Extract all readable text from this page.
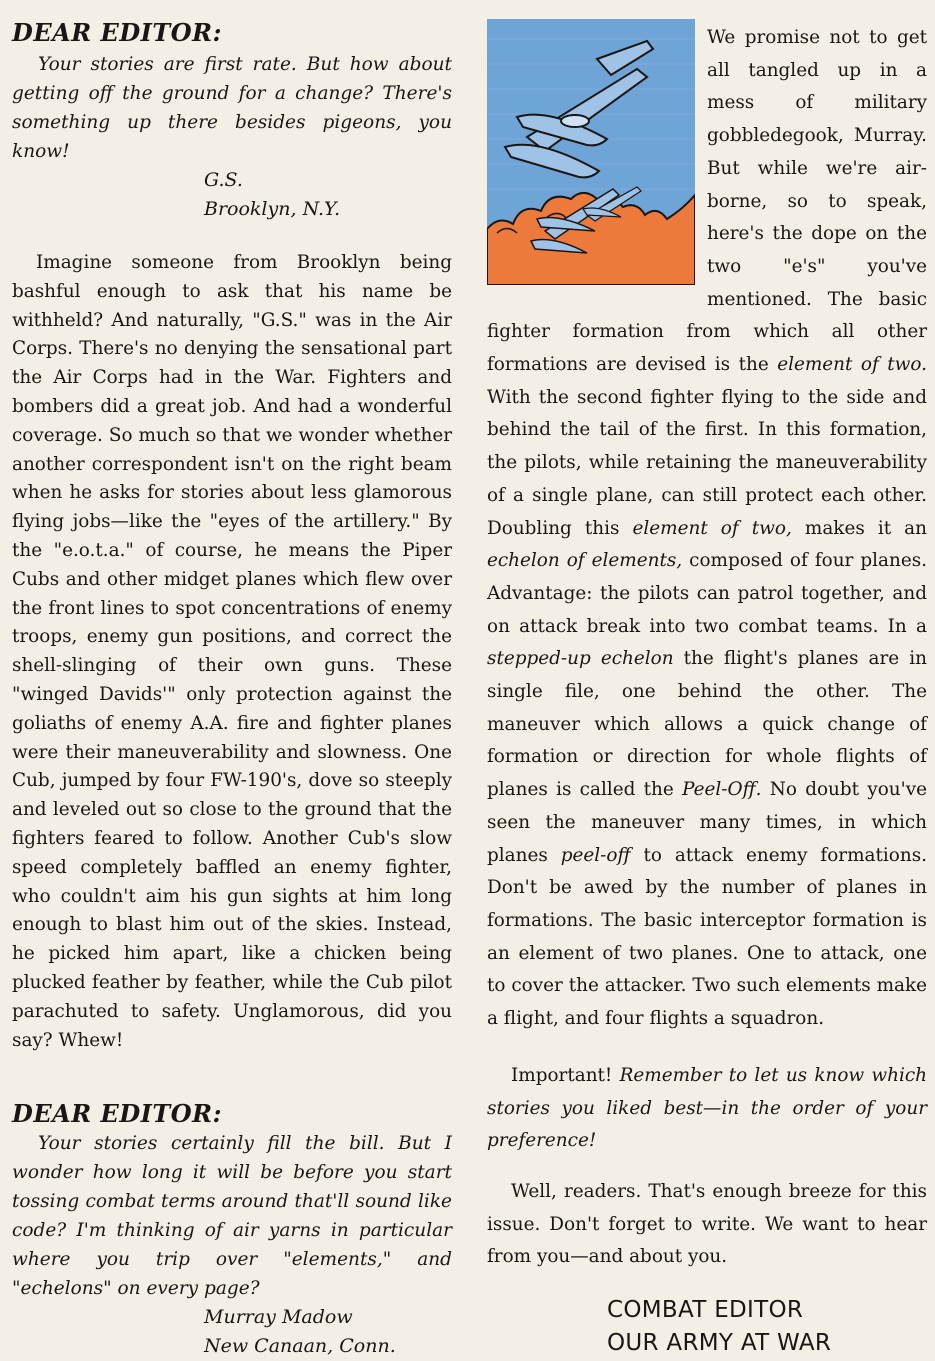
DEAR EDITOR:

Your stories are first rate. But how about getting off the ground for a change? There's something up there besides pigeons, you know!

G.S.

Brooklyn, N.Y.

Imagine someone from Brooklyn being bashful enough to ask that his name be withheld? And naturally, "G.S." was in the Air Corps. There's no denying the sensational part the Air Corps had in the War. Fighters and bombers did a great job. And had a wonderful coverage. So much so that we wonder whether another correspondent isn't on the right beam when he asks for stories about less glamorous flying jobs—like the "eyes of the artillery." By the "e.o.t.a." of course, he means the Piper Cubs and other midget planes which flew over the front lines to spot concentrations of enemy troops, enemy gun positions, and correct the shell-slinging of their own guns. These "winged Davids'" only protection against the goliaths of enemy A.A. fire and fighter planes were their maneuverability and slowness. One Cub, jumped by four FW-190's, dove so steeply and leveled out so close to the ground that the fighters feared to follow. Another Cub's slow speed completely baffled an enemy fighter, who couldn't aim his gun sights at him long enough to blast him out of the skies. Instead, he picked him apart, like a chicken being plucked feather by feather, while the Cub pilot parachuted to safety. Unglamorous, did you say? Whew!

DEAR EDITOR:

Your stories certainly fill the bill. But I wonder how long it will be before you start tossing combat terms around that'll sound like code? I'm thinking of air yarns in particular where you trip over "elements," and "echelons" on every page?

Murray Madow

New Canaan, Conn.

We promise not to get all tangled up in a mess of military gobbledegook, Murray. But while we're air-borne, so to speak, here's the dope on the two "e's" you've mentioned. The basic fighter formation from which all other formations are devised is the element of two. With the second fighter flying to the side and behind the tail of the first. In this formation, the pilots, while retaining the maneuverability of a single plane, can still protect each other. Doubling this element of two, makes it an echelon of elements, composed of four planes. Advantage: the pilots can patrol together, and on attack break into two combat teams. In a stepped-up echelon the flight's planes are in single file, one behind the other. The maneuver which allows a quick change of formation or direction for whole flights of planes is called the Peel-Off. No doubt you've seen the maneuver many times, in which planes peel-off to attack enemy formations. Don't be awed by the number of planes in formations. The basic interceptor formation is an element of two planes. One to attack, one to cover the attacker. Two such elements make a flight, and four flights a squadron.

Important! Remember to let us know which stories you liked best—in the order of your preference!

Well, readers. That's enough breeze for this issue. Don't forget to write. We want to hear from you—and about you.

COMBAT EDITOR

OUR ARMY AT WAR
